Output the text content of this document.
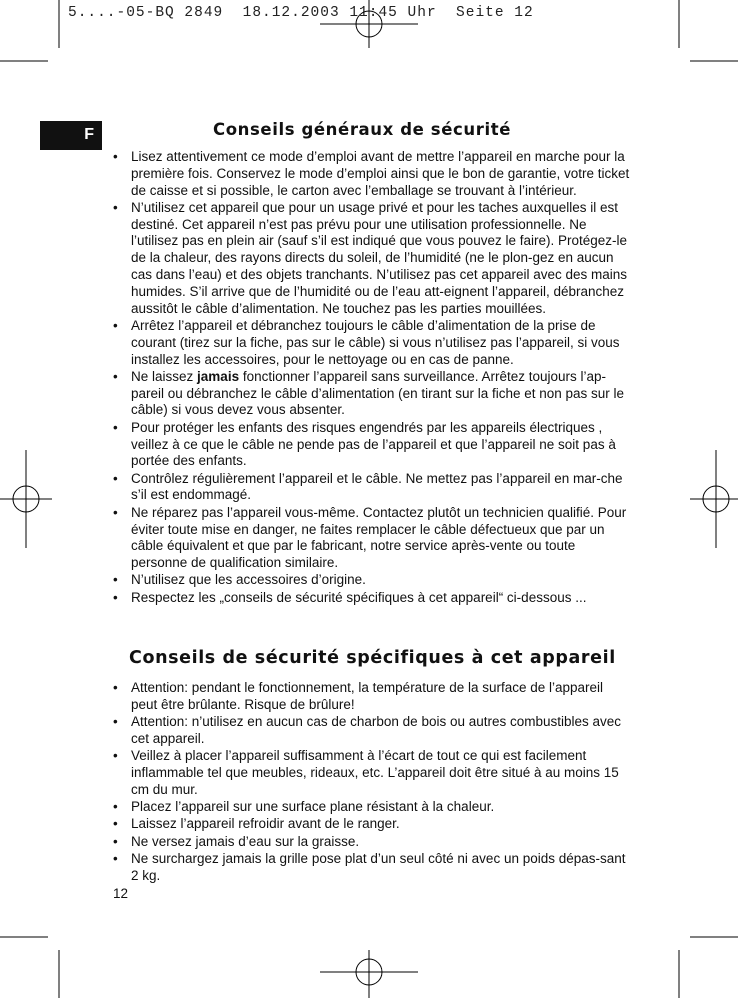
5....-05-BQ 2849  18.12.2003 11:45 Uhr  Seite 12
F	Conseils généraux de sécurité
• Lisez attentivement ce mode d’emploi avant de mettre l’appareil en marche pour la première fois. Conservez le mode d’emploi ainsi que le bon de garantie, votre ticket de caisse et si possible, le carton avec l’emballage se trouvant à l’intérieur.
• N’utilisez cet appareil que pour un usage privé et pour les taches auxquelles il est destiné. Cet appareil n’est pas prévu pour une utilisation professionnelle. Ne l’utilisez pas en plein air (sauf s’il est indiqué que vous pouvez le faire). Protégez-le de la chaleur, des rayons directs du soleil, de l’humidité (ne le plon-gez en aucun cas dans l’eau) et des objets tranchants. N’utilisez pas cet appareil avec des mains humides. S’il arrive que de l’humidité ou de l’eau att-eignent l’appareil, débranchez aussitôt le câble d’alimentation. Ne touchez pas les parties mouillées.
• Arrêtez l’appareil et débranchez toujours le câble d’alimentation de la prise de courant (tirez sur la fiche, pas sur le câble) si vous n’utilisez pas l’appareil, si vous installez les accessoires, pour le nettoyage ou en cas de panne.
• Ne laissez jamais fonctionner l’appareil sans surveillance. Arrêtez toujours l’ap-pareil ou débranchez le câble d’alimentation (en tirant sur la fiche et non pas sur le câble) si vous devez vous absenter.
• Pour protéger les enfants des risques engendrés par les appareils électriques , veillez à ce que le câble ne pende pas de l’appareil et que l’appareil ne soit pas à portée des enfants.
• Contrôlez régulièrement l’appareil et le câble. Ne mettez pas l’appareil en mar-che s’il est endommagé.
• Ne réparez pas l’appareil vous-même. Contactez plutôt un technicien qualifié. Pour éviter toute mise en danger, ne faites remplacer le câble défectueux que par un câble équivalent et que par le fabricant, notre service après-vente ou toute personne de qualification similaire.
• N’utilisez que les accessoires d’origine.
• Respectez les „conseils de sécurité spécifiques à cet appareil“ ci-dessous ...
Conseils de sécurité spécifiques à cet appareil
• Attention: pendant le fonctionnement, la température de la surface de l’appareil peut être brûlante. Risque de brûlure!
• Attention: n’utilisez en aucun cas de charbon de bois ou autres combustibles avec cet appareil.
• Veillez à placer l’appareil suffisamment à l’écart de tout ce qui est facilement inflammable tel que meubles, rideaux, etc. L’appareil doit être situé à au moins 15 cm du mur.
• Placez l’appareil sur une surface plane résistant à la chaleur.
• Laissez l’appareil refroidir avant de le ranger.
• Ne versez jamais d’eau sur la graisse.
• Ne surchargez jamais la grille pose plat d’un seul côté ni avec un poids dépas-sant 2 kg.
12
